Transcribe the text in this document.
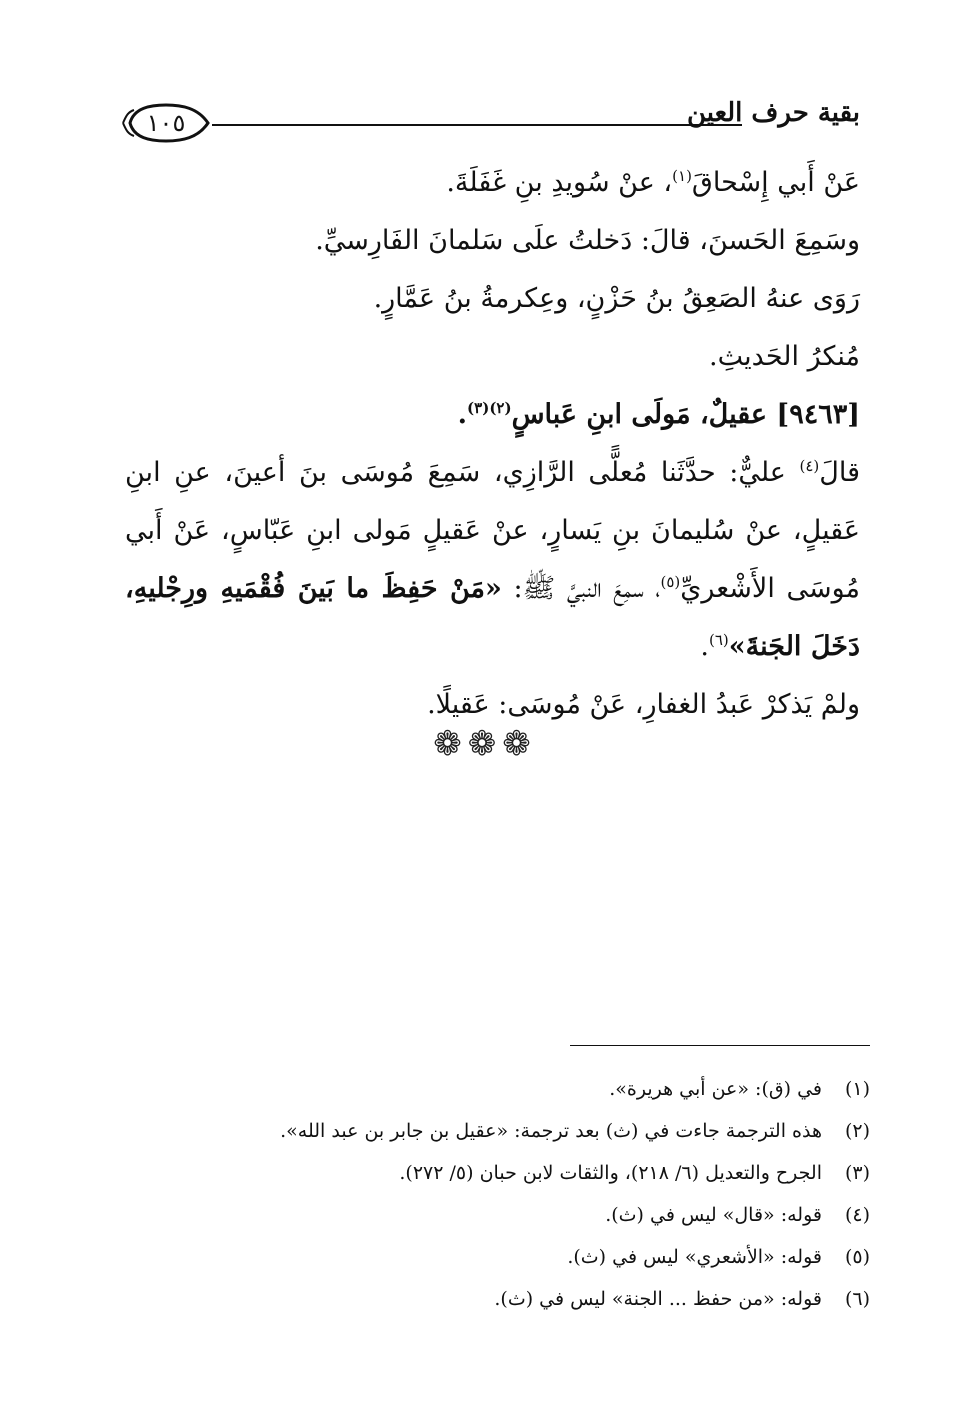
١٠٥	بقية حرف العين

عَنْ أَبي إِسْحاقَ$^{(١)}$، عنْ سُويدِ بنِ غَفَلَةَ.

وسَمِعَ الحَسنَ، قالَ: دَخلتُ علَى سَلمانَ الفَارِسيِّ.

رَوَى عنهُ الصَعِقُ بنُ حَزْنٍ، وعِكرمةُ بنُ عَمَّارٍ.

مُنكرُ الحَديثِ.

[٩٤٦٣] عقيلٌ، مَولَى ابنِ عَباسٍ$^{(٢)(٣)}$.

قالَ$^{(٤)}$ عليٌّ: حدَّثَنا مُعلًّى الرَّازِي، سَمِعَ مُوسَى بنَ أعينَ، عنِ ابنِ عَقيلٍ، عنْ سُليمانَ بنِ يَسارٍ، عنْ عَقيلٍ مَولى ابنِ عَبّاسٍ، عَنْ أَبي مُوسَى الأَشْعريِّ$^{(٥)}$، سمِعَ النبيَّ ﷺ: «مَنْ حَفِظَ ما بَينَ فُقْمَيهِ ورِجْليهِ، دَخَلَ الجَنةَ»$^{(٦)}$.

ولمْ يَذكرْ عَبدُ الغفارِ، عَنْ مُوسَى: عَقيلًا.

❁❁❁
(١)في (ق): «عن أبي هريرة».
(٢)هذه الترجمة جاءت في (ث) بعد ترجمة: «عقيل بن جابر بن عبد الله».
(٣)الجرح والتعديل (٦/ ٢١٨)، والثقات لابن حبان (٥/ ٢٧٢).
(٤)قوله: «قال» ليس في (ث).
(٥)قوله: «الأشعري» ليس في (ث).
(٦)قوله: «من حفظ ... الجنة» ليس في (ث).
